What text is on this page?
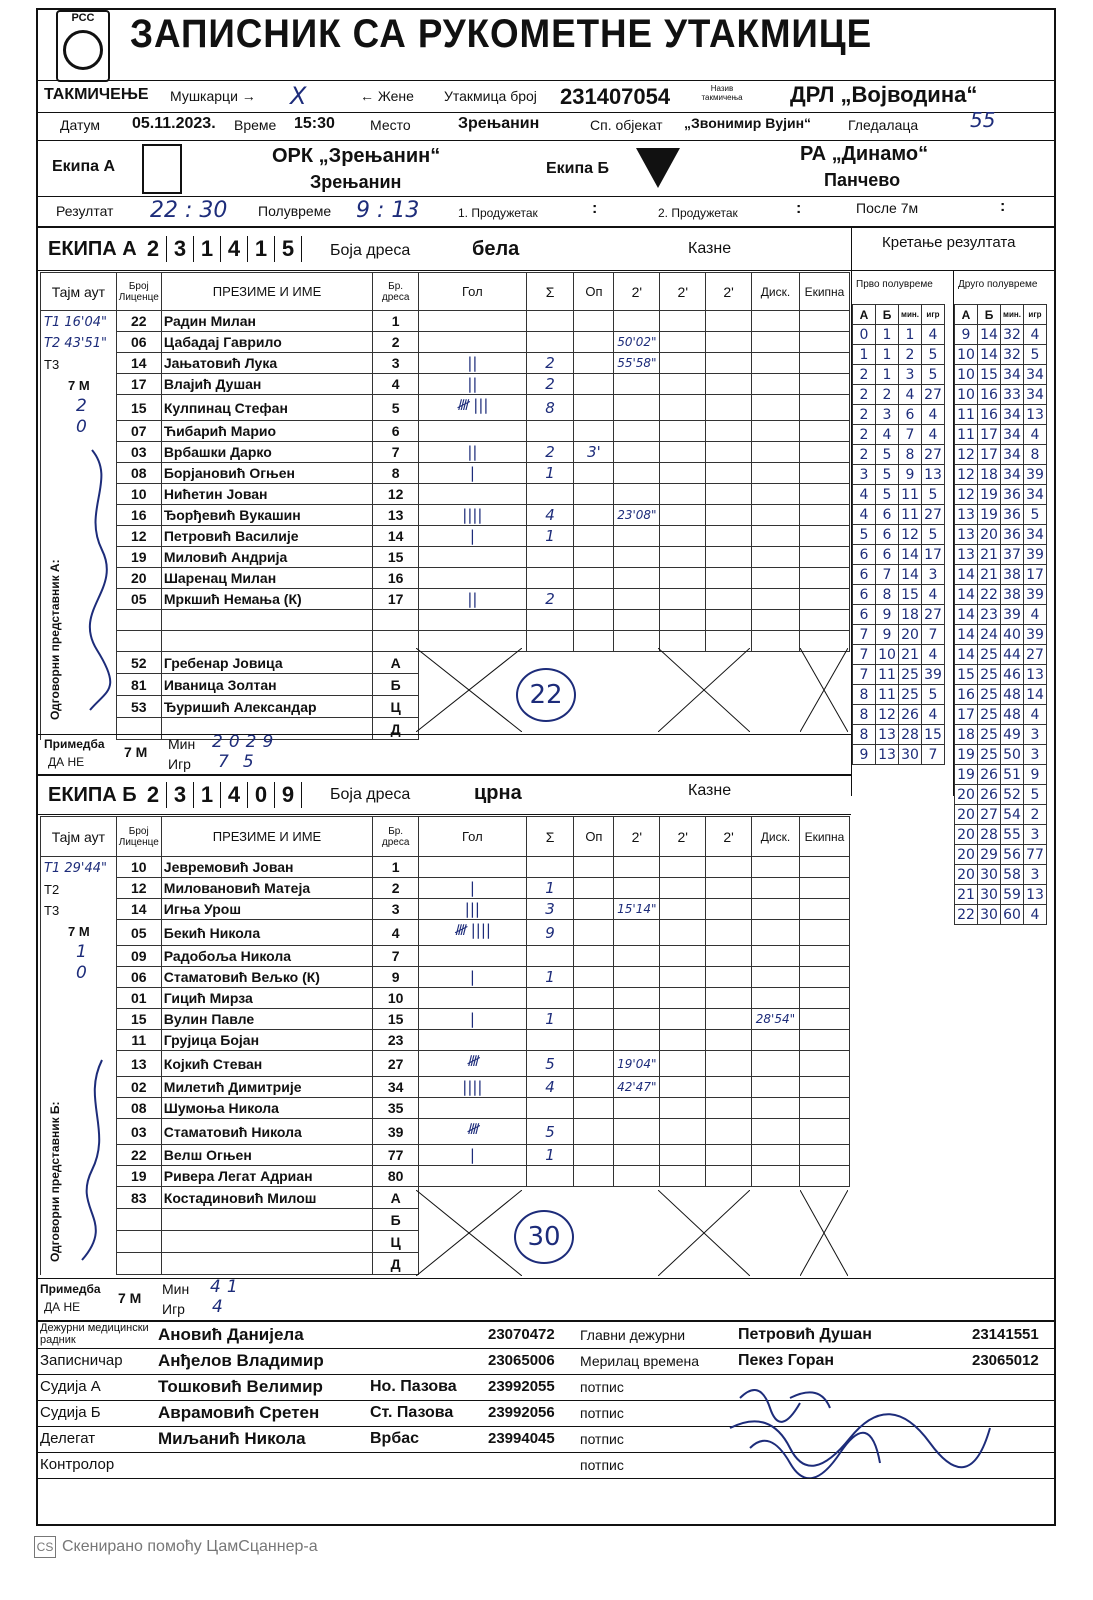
РСС ЗАПИСНИК СА РУКОМЕТНЕ УТАКМИЦЕ
ТАКМИЧЕЊЕ Мушкарци → X	← Жене Утакмица број 231407054	Назив такмичења ДРЛ „Војводина“
Датум 05.11.2023. Време 15:30	Место	Зрењанин	Сп. објекат „Звонимир Вујин“	Гледалаца	55
Екипа А	ОРК „Зрењанин“
Зрењанин
Екипа Б
РА „Динамо“
Панчево
Резултат 22 : 30 Полувреме 9 : 13	1. Продужетак	:	2. Продужетак	:	После 7м	:
ЕКИПА А 2 3 1 4 1 5	Боја дреса	бела	Казне	Кретање резултата
Прво полувреме	Друго полувреме
Тајм аут	Број Лиценце	ПРЕЗИМЕ И ИМЕ	Бр. дреса	Гол	Σ	Оп	2'	2'	2'	Диск.	Екипна
	22	Радин Милан	1								
	06	Цабадај Гаврило	2				50'02"				
	14	Јањатовић Лука	3	||	2		55'58"				
	17	Влајић Душан	4	||	2						
	15	Кулпинац Стефан	5	𝍸 |||	8						
	07	Ћибарић Марио	6								
	03	Врбашки Дарко	7	||	2	3'					
	08	Борјановић Огњен	8	|	1						
	10	Нићетин Јован	12								
	16	Ђорђевић Вукашин	13	||||	4		23'08"				
	12	Петровић Василије	14	|	1						
	19	Миловић Андрија	15								
	20	Шаренац Милан	16								
	05	Мркшић Немања (К)	17	||	2						

	52	Гребенар Јовица	А								
	81	Иваница Золтан	Б								
	53	Ђуришић Александар	Ц								
			Д								
T1 16'04"
T2 43'51"
T3
7 М
2
0
Одговорни представник А:	22
Примедба
ДА НЕ
7 М Мин 2029
Игр 75
ЕКИПА Б 2 3 1 4 0 9	Боја дреса	црна	Казне
Тајм аут	Број Лиценце	ПРЕЗИМЕ И ИМЕ	Бр. дреса	Гол	Σ	Оп	2'	2'	2'	Диск.	Екипна
	10	Јевремовић Јован	1								
	12	Миловановић Матеја	2	|	1						
	14	Игња Урош	3	|||	3		15'14"				
	05	Бекић Никола	4	𝍸 ||||	9						
	09	Радобоља Никола	7								
	06	Стаматовић Вељко (К)	9	|	1						
	01	Гицић Мирза	10								
	15	Вулин Павле	15	|	1					28'54"	
	11	Грујица Бојан	23								
	13	Којкић Стеван	27	𝍸	5		19'04"				
	02	Милетић Димитрије	34	||||	4		42'47"				
	08	Шумоња Никола	35								
	03	Стаматовић Никола	39	𝍸	5						
	22	Велш Огњен	77	|	1						
	19	Ривера Легат Адриан	80								
	83	Костадиновић Милош	А								
			Б								
			Ц								
			Д								
T1 29'44"
T2
T3
7 М
1
0
Одговорни представник Б:	30
Примедба
ДА НЕ
7 М
Мин 41
Игр 4
А	Б	мин.	игр
0	1	1	4
1	1	2	5
2	1	3	5
2	2	4	27
2	3	6	4
2	4	7	4
2	5	8	27
3	5	9	13
4	5	11	5
4	6	11	27
5	6	12	5
6	6	14	17
6	7	14	3
6	8	15	4
6	9	18	27
7	9	20	7
7	10	21	4
7	11	25	39
8	11	25	5
8	12	26	4
8	13	28	15
9	13	30	7
А	Б	мин.	игр
9	14	32	4
10	14	32	5
10	15	34	34
10	16	33	34
11	16	34	13
11	17	34	4
12	17	34	8
12	18	34	39
12	19	36	34
13	19	36	5
13	20	36	34
13	21	37	39
14	21	38	17
14	22	38	39
14	23	39	4
14	24	40	39
14	25	44	27
15	25	46	13
16	25	48	14
17	25	48	4
18	25	49	3
19	25	50	3
19	26	51	9
20	26	52	5
20	27	54	2
20	28	55	3
20	29	56	77
20	30	58	3
21	30	59	13
22	30	60	4
Дежурни медицински радник	Ановић Данијела	23070472	Главни дежурни	Петровић Душан	23141551
Записничар	Анђелов Владимир	23065006	Мерилац времена	Пекез Горан	23065012
Судија А	Тошковић Велимир	Но. Пазова	23992055	потпис
Судија Б	Аврамовић Сретен	Ст. Пазова	23992056	потпис
Делегат	Миљанић Никола	Врбас	23994045	потпис
Контролор	потпис
CS Скенирано помоћу ЦамСцаннер-а
